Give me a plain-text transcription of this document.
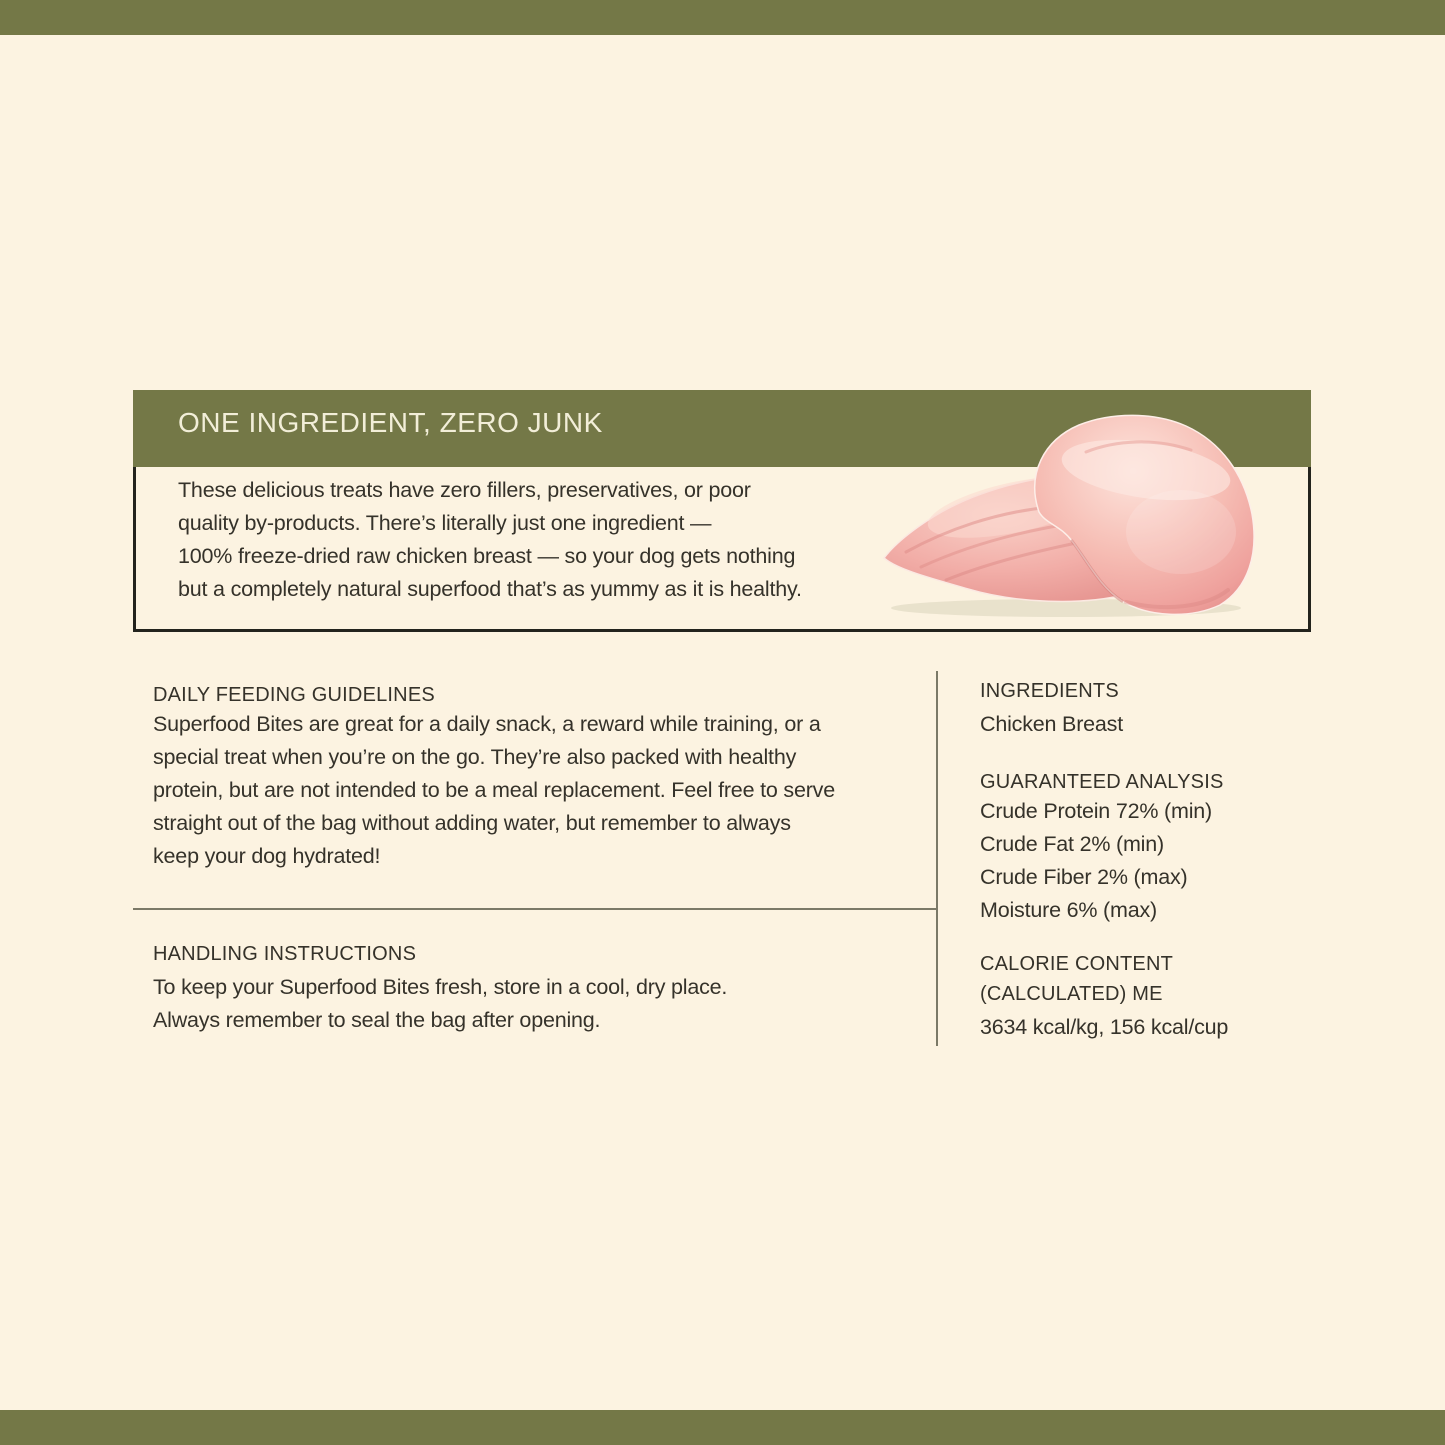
ONE INGREDIENT, ZERO JUNK
These delicious treats have zero fillers, preservatives, or poor
quality by-products. There’s literally just one ingredient —
100% freeze-dried raw chicken breast — so your dog gets nothing
but a completely natural superfood that’s as yummy as it is healthy.
DAILY FEEDING GUIDELINES
Superfood Bites are great for a daily snack, a reward while training, or a
special treat when you’re on the go. They’re also packed with healthy
protein, but are not intended to be a meal replacement. Feel free to serve
straight out of the bag without adding water, but remember to always
keep your dog hydrated!
HANDLING INSTRUCTIONS
To keep your Superfood Bites fresh, store in a cool, dry place.
Always remember to seal the bag after opening.
INGREDIENTS
Chicken Breast
GUARANTEED ANALYSIS
Crude Protein 72% (min)
Crude Fat 2% (min)
Crude Fiber 2% (max)
Moisture 6% (max)
CALORIE CONTENT
(CALCULATED) ME
3634 kcal/kg, 156 kcal/cup
